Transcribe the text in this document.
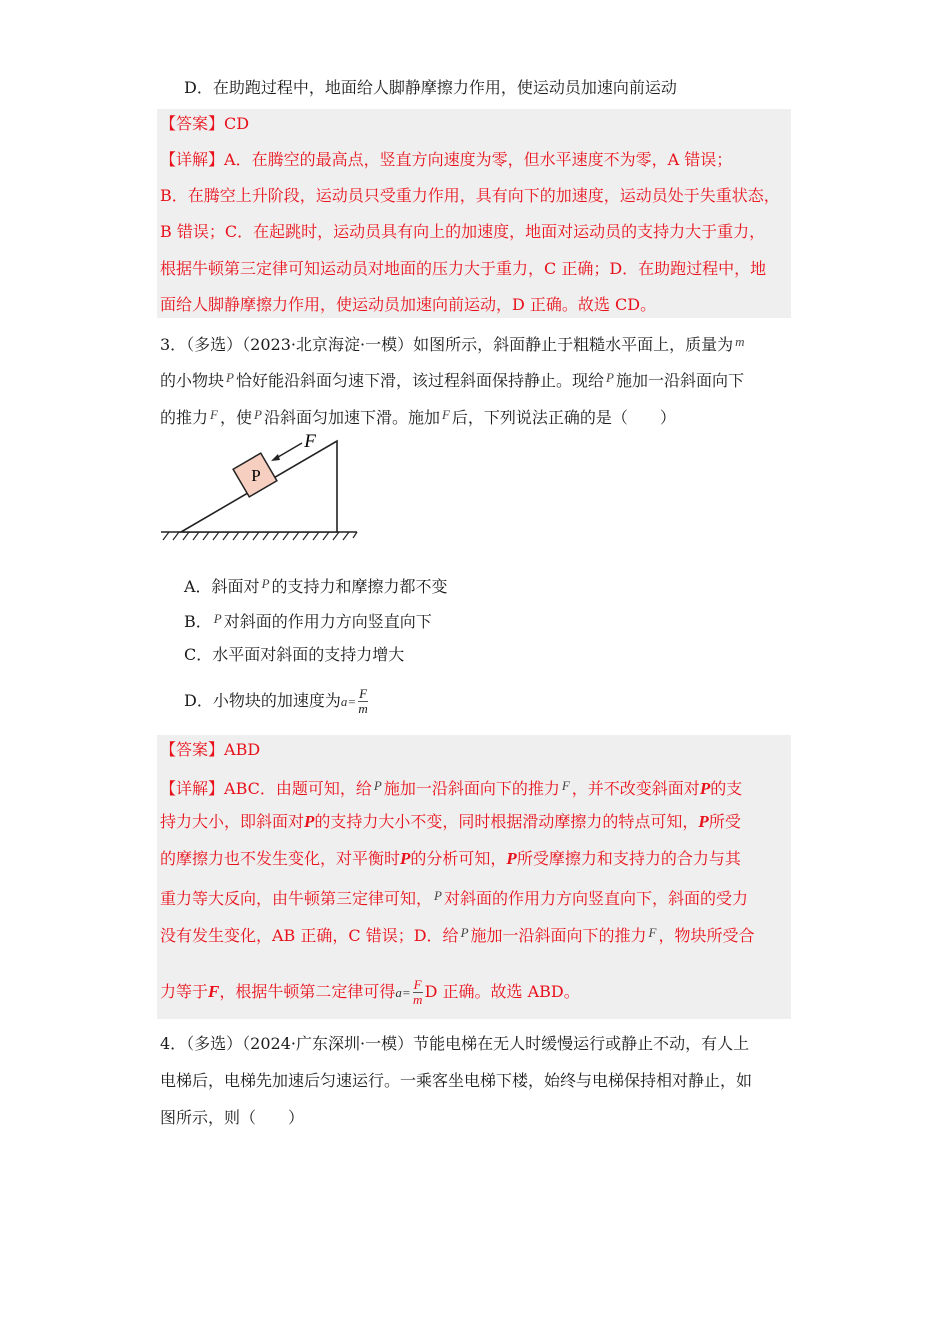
D．在助跑过程中，地面给人脚静摩擦力作用，使运动员加速向前运动
【答案】CD
【详解】A．在腾空的最高点，竖直方向速度为零，但水平速度不为零，A 错误；
B．在腾空上升阶段，运动员只受重力作用，具有向下的加速度，运动员处于失重状态，
B 错误；C．在起跳时，运动员具有向上的加速度，地面对运动员的支持力大于重力，
根据牛顿第三定律可知运动员对地面的压力大于重力，C 正确；D．在助跑过程中，地
面给人脚静摩擦力作用，使运动员加速向前运动，D 正确。故选 CD。
3．（多选）（2023·北京海淀·一模）如图所示，斜面静止于粗糙水平面上，质量为 $^m$
的小物块 $^P$ 恰好能沿斜面匀速下滑，该过程斜面保持静止。现给 $^P$ 施加一沿斜面向下
的推力 $^F$ ，使 $^P$ 沿斜面匀加速下滑。施加 $^F$ 后，下列说法正确的是（　　）
P
F
A．斜面对 $^P$ 的支持力和摩擦力都不变
B． $^P$ 对斜面的作用力方向竖直向下
C．水平面对斜面的支持力增大
D．小物块的加速度为$a= \frac{F}{m}$
【答案】ABD
【详解】ABC．由题可知，给 $^P$ 施加一沿斜面向下的推力 $^F$ ，并不改变斜面对P的支
持力大小，即斜面对P的支持力大小不变，同时根据滑动摩擦力的特点可知，P所受
的摩擦力也不发生变化，对平衡时P的分析可知，P所受摩擦力和支持力的合力与其
重力等大反向，由牛顿第三定律可知， $^P$ 对斜面的作用力方向竖直向下，斜面的受力
没有发生变化，AB 正确，C 错误；D．给 $^P$ 施加一沿斜面向下的推力 $^F$ ，物块所受合
力等于F，根据牛顿第二定律可得$a= \frac{F}{m}$ D 正确。故选 ABD。
4．（多选）（2024·广东深圳·一模）节能电梯在无人时缓慢运行或静止不动，有人上
电梯后，电梯先加速后匀速运行。一乘客坐电梯下楼，始终与电梯保持相对静止，如
图所示，则（　　）
